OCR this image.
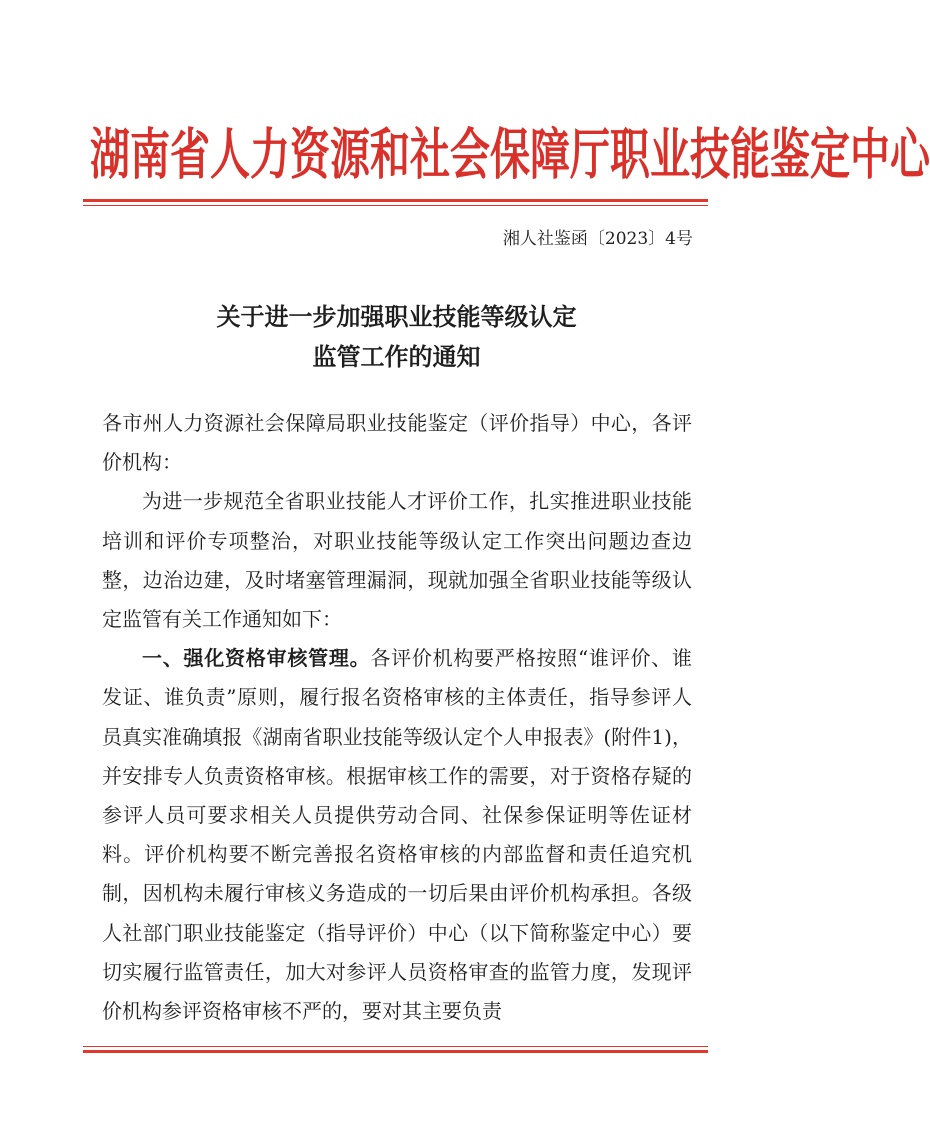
湖南省人力资源和社会保障厅职业技能鉴定中心
湘人社鉴函〔2023〕4号
关于进一步加强职业技能等级认定
监管工作的通知

各市州人力资源社会保障局职业技能鉴定（评价指导）中心，各评价机构：

为进一步规范全省职业技能人才评价工作，扎实推进职业技能培训和评价专项整治，对职业技能等级认定工作突出问题边查边整，边治边建，及时堵塞管理漏洞，现就加强全省职业技能等级认定监管有关工作通知如下：

一、强化资格审核管理。各评价机构要严格按照“谁评价、谁发证、谁负责”原则，履行报名资格审核的主体责任，指导参评人员真实准确填报《湖南省职业技能等级认定个人申报表》(附件1)，并安排专人负责资格审核。根据审核工作的需要，对于资格存疑的参评人员可要求相关人员提供劳动合同、社保参保证明等佐证材料。评价机构要不断完善报名资格审核的内部监督和责任追究机制，因机构未履行审核义务造成的一切后果由评价机构承担。各级人社部门职业技能鉴定（指导评价）中心（以下简称鉴定中心）要切实履行监管责任，加大对参评人员资格审查的监管力度，发现评价机构参评资格审核不严的，要对其主要负责
